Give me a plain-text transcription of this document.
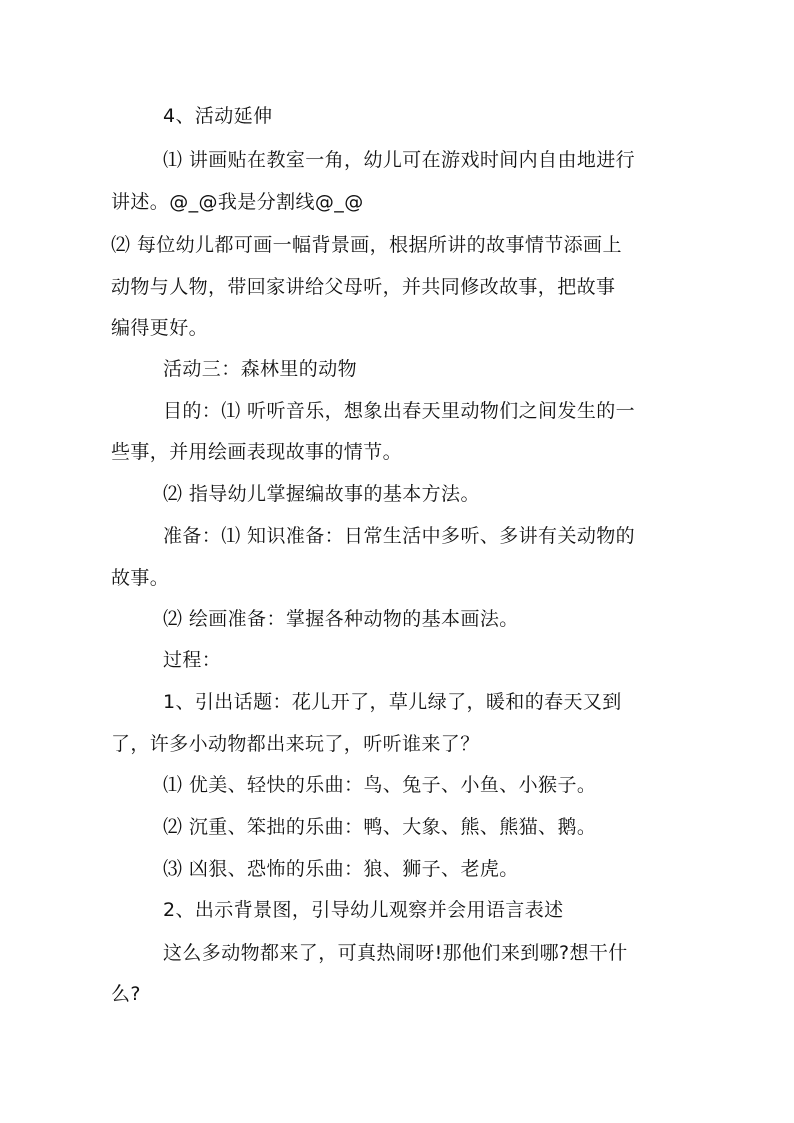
4、活动延伸
⑴ 讲画贴在教室一角，幼儿可在游戏时间内自由地进行
讲述。@_@我是分割线@_@
⑵ 每位幼儿都可画一幅背景画，根据所讲的故事情节添画上
动物与人物，带回家讲给父母听，并共同修改故事，把故事
编得更好。
活动三：森林里的动物
目的：⑴ 听听音乐，想象出春天里动物们之间发生的一
些事，并用绘画表现故事的情节。
⑵ 指导幼儿掌握编故事的基本方法。
准备：⑴ 知识准备：日常生活中多听、多讲有关动物的
故事。
⑵ 绘画准备：掌握各种动物的基本画法。
过程：
1、引出话题：花儿开了，草儿绿了，暖和的春天又到
了，许多小动物都出来玩了，听听谁来了？
⑴ 优美、轻快的乐曲：鸟、兔子、小鱼、小猴子。
⑵ 沉重、笨拙的乐曲：鸭、大象、熊、熊猫、鹅。
⑶ 凶狠、恐怖的乐曲：狼、狮子、老虎。
2、出示背景图，引导幼儿观察并会用语言表述
这么多动物都来了，可真热闹呀!那他们来到哪?想干什
么?
